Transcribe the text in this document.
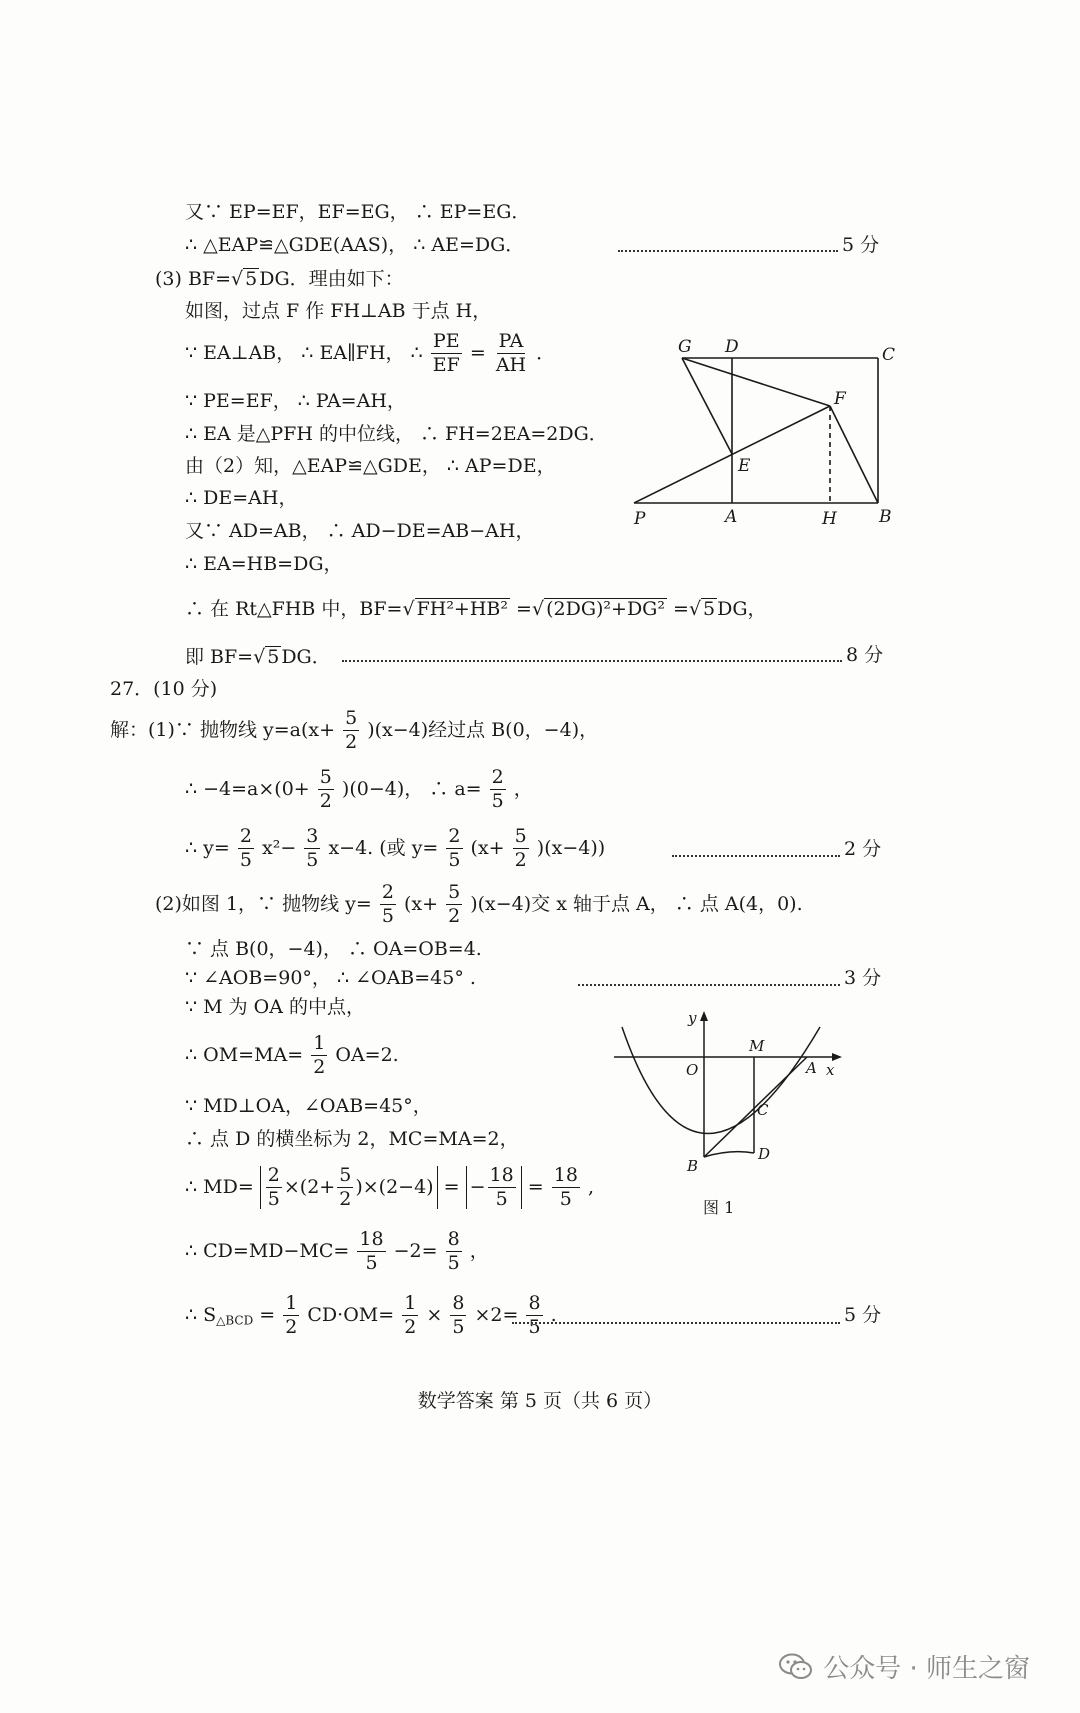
又∵ EP=EF，EF=EG， ∴ EP=EG．
∴ △EAP≌△GDE(AAS)， ∴ AE=DG．	5 分
(3) BF=√ 5 DG．理由如下：
如图，过点 F 作 FH⊥AB 于点 H，
∵ EA⊥AB， ∴ EA∥FH， ∴ $\frac{PE}{EF} = \frac{PA}{AH}$ ．
∵ PE=EF， ∴ PA=AH，
∴ EA 是△PFH 的中位线， ∴ FH=2EA=2DG．
由（2）知，△EAP≌△GDE， ∴ AP=DE，
∴ DE=AH，
又∵ AD=AB， ∴ AD−DE=AB−AH，
∴ EA=HB=DG，
∴ 在 Rt△FHB 中，BF=√ FH²+HB² =√ (2DG)²+DG² =√ 5 DG，
即 BF=√ 5 DG．	8 分
G D	C
F
E
P	A	H B
27．(10 分)
解：(1)∵ 抛物线 $y=a(x+ \frac{5}{2} )(x-4)$经过点 B(0，−4)，
∴ $-4=a\times(0+ \frac{5}{2} )(0-4)$， ∴ $a= \frac{2}{5}$ ，
∴ $y= \frac{2}{5} x^2- \frac{3}{5} x-4$. (或 $y= \frac{2}{5} (x+ \frac{5}{2} )(x-4)$)	2 分
(2)如图 1，∵ 抛物线 $y= \frac{2}{5} (x+ \frac{5}{2} )(x-4)$交 x 轴于点 A， ∴ 点 A(4，0).
∵ 点 B(0，−4)， ∴ OA=OB=4.
∵ ∠AOB=90°， ∴ ∠OAB=45° .	3 分
∵ M 为 OA 的中点，
∴ $OM=MA= \frac{1}{2} OA=2$.
∵ MD⊥OA，∠OAB=45°，
∴ 点 D 的横坐标为 2，MC=MA=2，
∴ $MD= \frac{2}{5} \times(2+ \frac{5}{2} )\times(2-4)$ = − $\frac{18}{5} = \frac{18}{5}$ ,
∴ $CD=MD-MC= \frac{18}{5} -2= \frac{8}{5}$ ，
∴ $S_{\triangle BCD} = \frac{1}{2} CD\cdot OM= \frac{1}{2} \times \frac{8}{5} \times 2= \frac{8}{5}$ .	5 分
y
x
O
M
A
C
B
D
图 1
数学答案 第 5 页（共 6 页）
公众号 · 师生之窗
